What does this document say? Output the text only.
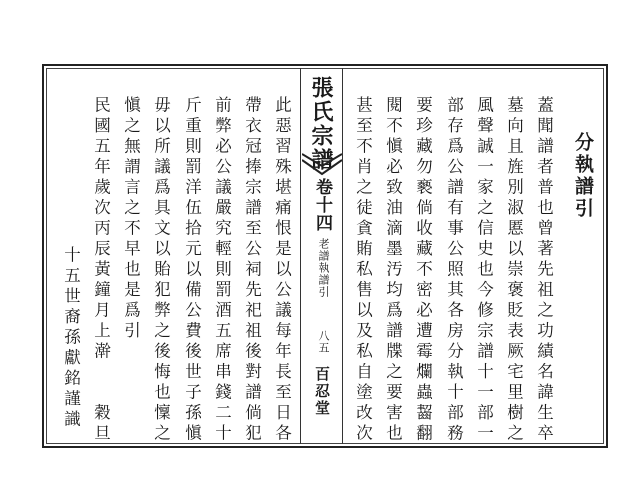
張氏宗譜
卷十四
老譜執譜引
八五
百忍堂
分執譜引
蓋聞譜者普也曾著先祖之功績名諱生卒
墓向且旌別淑慝以崇褒貶表厥宅里樹之
風聲誠一家之信史也今修宗譜十一部一
部存爲公譜有事公照其各房分執十部務
要珍藏勿褻倘收藏不密必遭霉爛蟲齧翻
閱不愼必致油滴墨汚均爲譜牒之要害也
甚至不肖之徒貪賄私售以及私自塗改次
此惡習殊堪痛恨是以公議每年長至日各
帶衣冠捧宗譜至公祠先祀祖後對譜倘犯
前弊必公議嚴究輕則罰酒五席串錢二十
斤重則罰洋伍拾元以備公費後世子孫愼
毋以所議爲具文以貽犯弊之後悔也懍之
愼之無謂言之不早也是爲引
民國五年歲次丙辰黃鐘月上澣　　穀旦
十五世裔孫獻銘謹識
